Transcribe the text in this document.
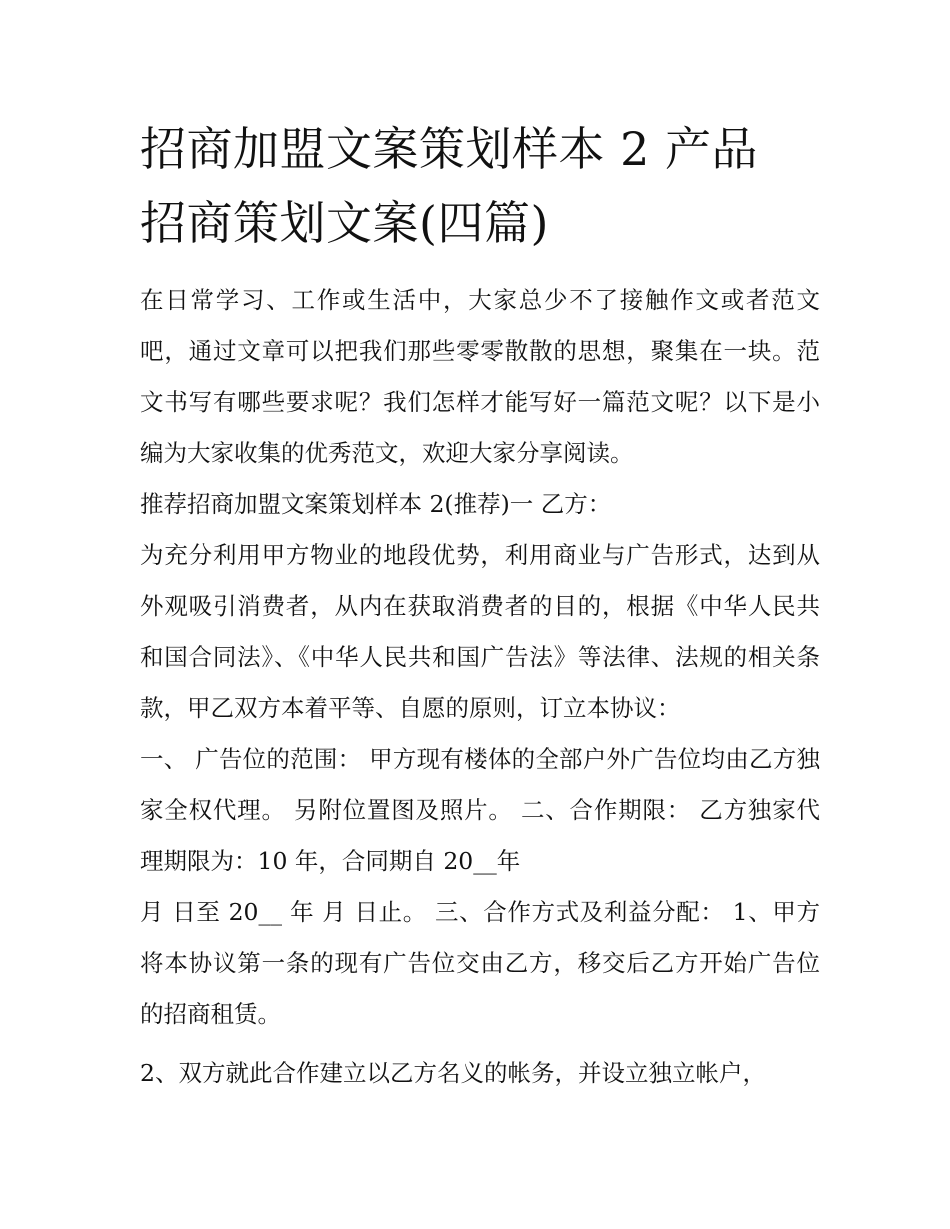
招商加盟文案策划样本 2 产品
招商策划文案(四篇)

在日常学习、工作或生活中，大家总少不了接触作文或者范文吧，通过文章可以把我们那些零零散散的思想，聚集在一块。范文书写有哪些要求呢？我们怎样才能写好一篇范文呢？以下是小编为大家收集的优秀范文，欢迎大家分享阅读。

推荐招商加盟文案策划样本 2(推荐)一 乙方：

为充分利用甲方物业的地段优势，利用商业与广告形式，达到从外观吸引消费者，从内在获取消费者的目的，根据《中华人民共和国合同法》、《中华人民共和国广告法》等法律、法规的相关条款，甲乙双方本着平等、自愿的原则，订立本协议：

一、 广告位的范围： 甲方现有楼体的全部户外广告位均由乙方独家全权代理。 另附位置图及照片。 二、合作期限： 乙方独家代理期限为：10 年，合同期自 20__年

月 日至 20__ 年 月 日止。 三、合作方式及利益分配： 1、甲方将本协议第一条的现有广告位交由乙方，移交后乙方开始广告位的招商租赁。

2、双方就此合作建立以乙方名义的帐务，并设立独立帐户，
